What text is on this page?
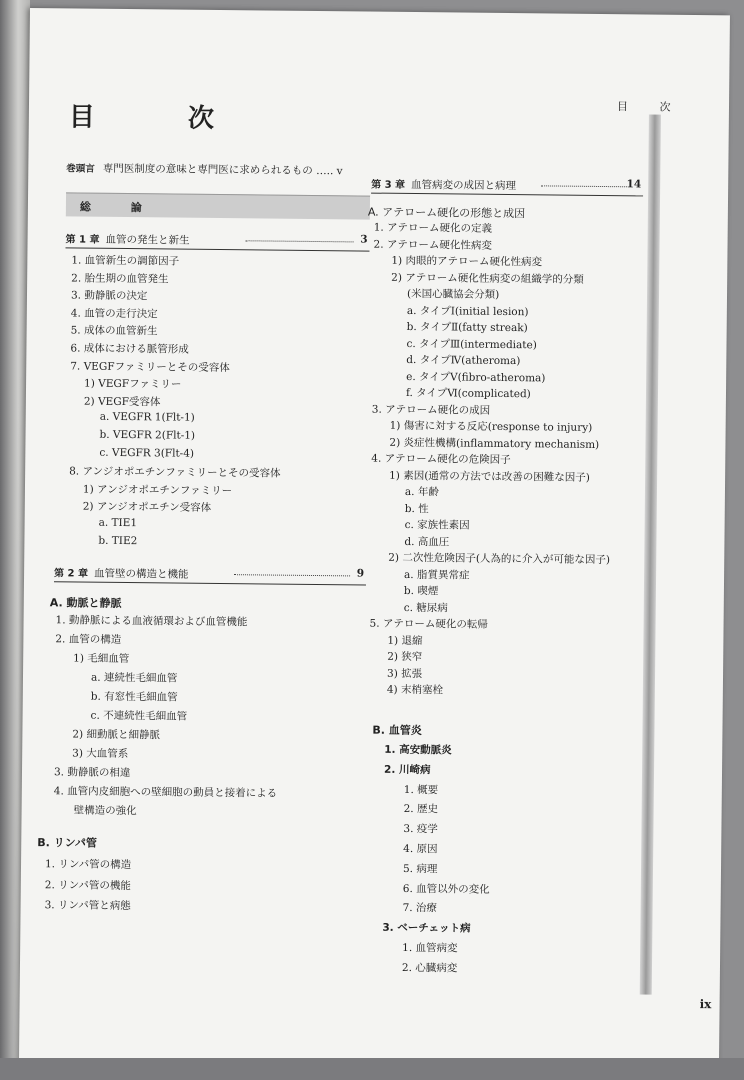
目 次	目 次
巻頭言 専門医制度の意味と専門医に求められるもの ….. v
総 論
第 1 章 血管の発生と新生	3
1. 血管新生の調節因子
2. 胎生期の血管発生
3. 動静脈の決定
4. 血管の走行決定
5. 成体の血管新生
6. 成体における脈管形成
7. VEGFファミリーとその受容体
1) VEGFファミリー
2) VEGF受容体
a. VEGFR 1(Flt-1)
b. VEGFR 2(Flt-1)
c. VEGFR 3(Flt-4)
8. アンジオポエチンファミリーとその受容体
1) アンジオポエチンファミリー
2) アンジオポエチン受容体
a. TIE1
b. TIE2
第 2 章 血管壁の構造と機能	9
A. 動脈と静脈
1. 動静脈による血液循環および血管機能
2. 血管の構造
1) 毛細血管
a. 連続性毛細血管
b. 有窓性毛細血管
c. 不連続性毛細血管
2) 細動脈と細静脈
3) 大血管系
3. 動静脈の相違
4. 血管内皮細胞への壁細胞の動員と接着による
壁構造の強化
B. リンパ管
1. リンパ管の構造
2. リンパ管の機能
3. リンパ管と病態
第 3 章 血管病変の成因と病理	14
A. アテローム硬化の形態と成因
1. アテローム硬化の定義
2. アテローム硬化性病変
1) 肉眼的アテローム硬化性病変
2) アテローム硬化性病変の組織学的分類
(米国心臓協会分類)
a. タイプⅠ(initial lesion)
b. タイプⅡ(fatty streak)
c. タイプⅢ(intermediate)
d. タイプⅣ(atheroma)
e. タイプⅤ(fibro-atheroma)
f. タイプⅥ(complicated)
3. アテローム硬化の成因
1) 傷害に対する反応(response to injury)
2) 炎症性機構(inflammatory mechanism)
4. アテローム硬化の危険因子
1) 素因(通常の方法では改善の困難な因子)
a. 年齢
b. 性
c. 家族性素因
d. 高血圧
2) 二次性危険因子(人為的に介入が可能な因子)
a. 脂質異常症
b. 喫煙
c. 糖尿病
5. アテローム硬化の転帰
1) 退縮
2) 狭窄
3) 拡張
4) 末梢塞栓
B. 血管炎
1. 高安動脈炎
2. 川崎病
1. 概要
2. 歴史
3. 疫学
4. 原因
5. 病理
6. 血管以外の変化
7. 治療
3. ベーチェット病
1. 血管病変
2. 心臓病変
ix
